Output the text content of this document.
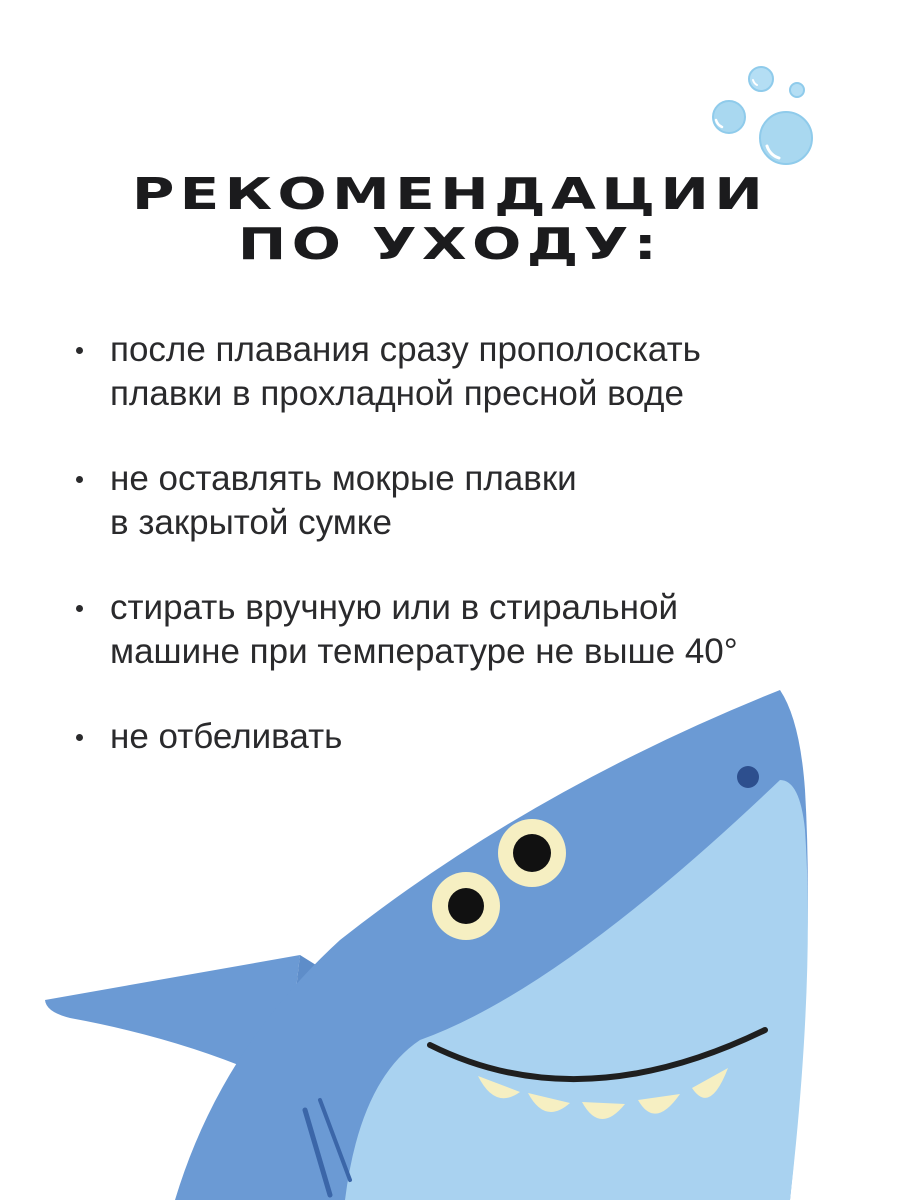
РЕКОМЕНДАЦИИ
ПО УХОДУ:
после плавания сразу прополоскать
плавки в прохладной пресной воде
не оставлять мокрые плавки
в закрытой сумке
стирать вручную или в стиральной
машине при температуре не выше 40°
не отбеливать
